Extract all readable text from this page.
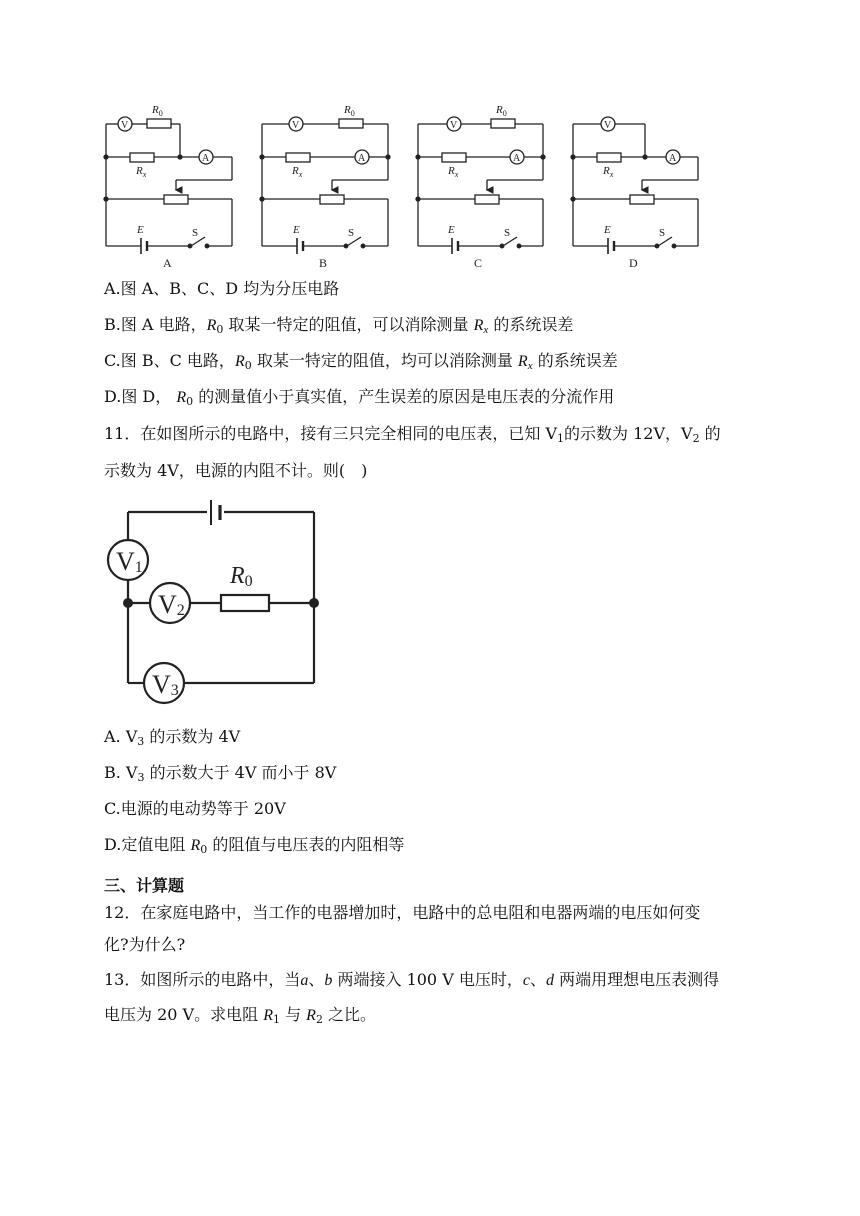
V
A
$R_0$
$R_x$
E	S
A
V
A
$R_0$
$R_x$
E	S
B
V
A
$R_0$
$R_x$
E	S
C
V
A
$R_x$
E	S
D
A.图 A、B、C、D 均为分压电路
B.图 A 电路，$R_0$ 取某一特定的阻值，可以消除测量 $R_x$ 的系统误差
C.图 B、C 电路，$R_0$ 取某一特定的阻值，均可以消除测量 $R_x$ 的系统误差
D.图 D， $R_0$ 的测量值小于真实值，产生误差的原因是电压表的分流作用
11．在如图所示的电路中，接有三只完全相同的电压表，已知 $V_1$的示数为 12V，$V_2$ 的
示数为 4V，电源的内阻不计。则(　)
V1
V2
V3
R0
A. $V_3$ 的示数为 4V
B. $V_3$ 的示数大于 4V 而小于 8V
C.电源的电动势等于 20V
D.定值电阻 $R_0$ 的阻值与电压表的内阻相等
三、计算题
12．在家庭电路中，当工作的电器增加时，电路中的总电阻和电器两端的电压如何变
化?为什么?
13．如图所示的电路中，当a、b 两端接入 100 V 电压时，c、d 两端用理想电压表测得
电压为 20 V。求电阻 $R_1$ 与 $R_2$ 之比。
